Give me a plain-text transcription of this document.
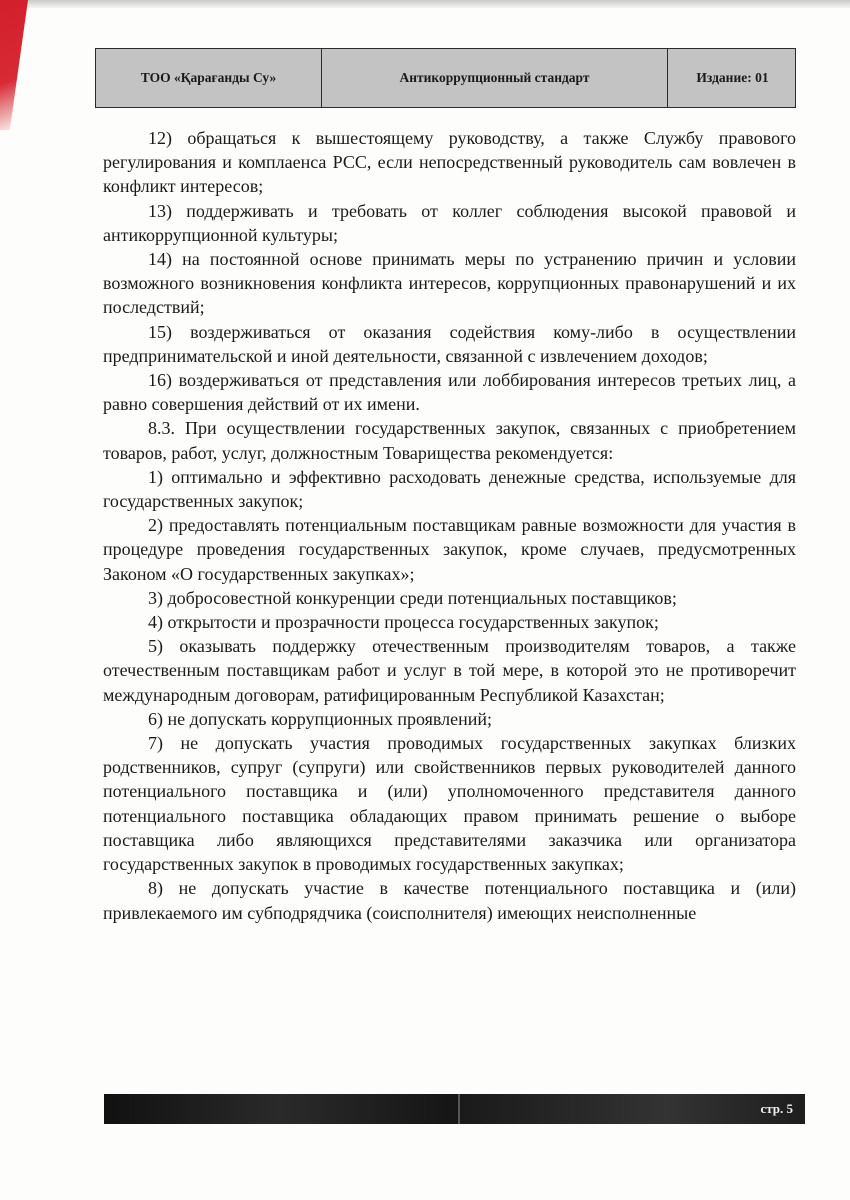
ТОО «Қарағанды Су»	Антикоррупционный стандарт	Издание: 01

12) обращаться к вышестоящему руководству, а также Службу правового регулирования и комплаенса РСС, если непосредственный руководитель сам вовлечен в конфликт интересов;

13) поддерживать и требовать от коллег соблюдения высокой правовой и антикоррупционной культуры;

14) на постоянной основе принимать меры по устранению причин и условии возможного возникновения конфликта интересов, коррупционных правонарушений и их последствий;

15) воздерживаться от оказания содействия кому-либо в осуществлении предпринимательской и иной деятельности, связанной с извлечением доходов;

16) воздерживаться от представления или лоббирования интересов третьих лиц, а равно совершения действий от их имени.

8.3. При осуществлении государственных закупок, связанных с приобретением товаров, работ, услуг, должностным Товарищества рекомендуется:

1) оптимально и эффективно расходовать денежные средства, используемые для государственных закупок;

2) предоставлять потенциальным поставщикам равные возможности для участия в процедуре проведения государственных закупок, кроме случаев, предусмотренных Законом «О государственных закупках»;

3) добросовестной конкуренции среди потенциальных поставщиков;

4) открытости и прозрачности процесса государственных закупок;

5) оказывать поддержку отечественным производителям товаров, а также отечественным поставщикам работ и услуг в той мере, в которой это не противоречит международным договорам, ратифицированным Республикой Казахстан;

6) не допускать коррупционных проявлений;

7) не допускать участия проводимых государственных закупках близких родственников, супруг (супруги) или свойственников первых руководителей данного потенциального поставщика и (или) уполномоченного представителя данного потенциального поставщика обладающих правом принимать решение о выборе поставщика либо являющихся представителями заказчика или организатора государственных закупок в проводимых государственных закупках;

8) не допускать участие в качестве потенциального поставщика и (или) привлекаемого им субподрядчика (соисполнителя) имеющих неисполненные

стр. 5
